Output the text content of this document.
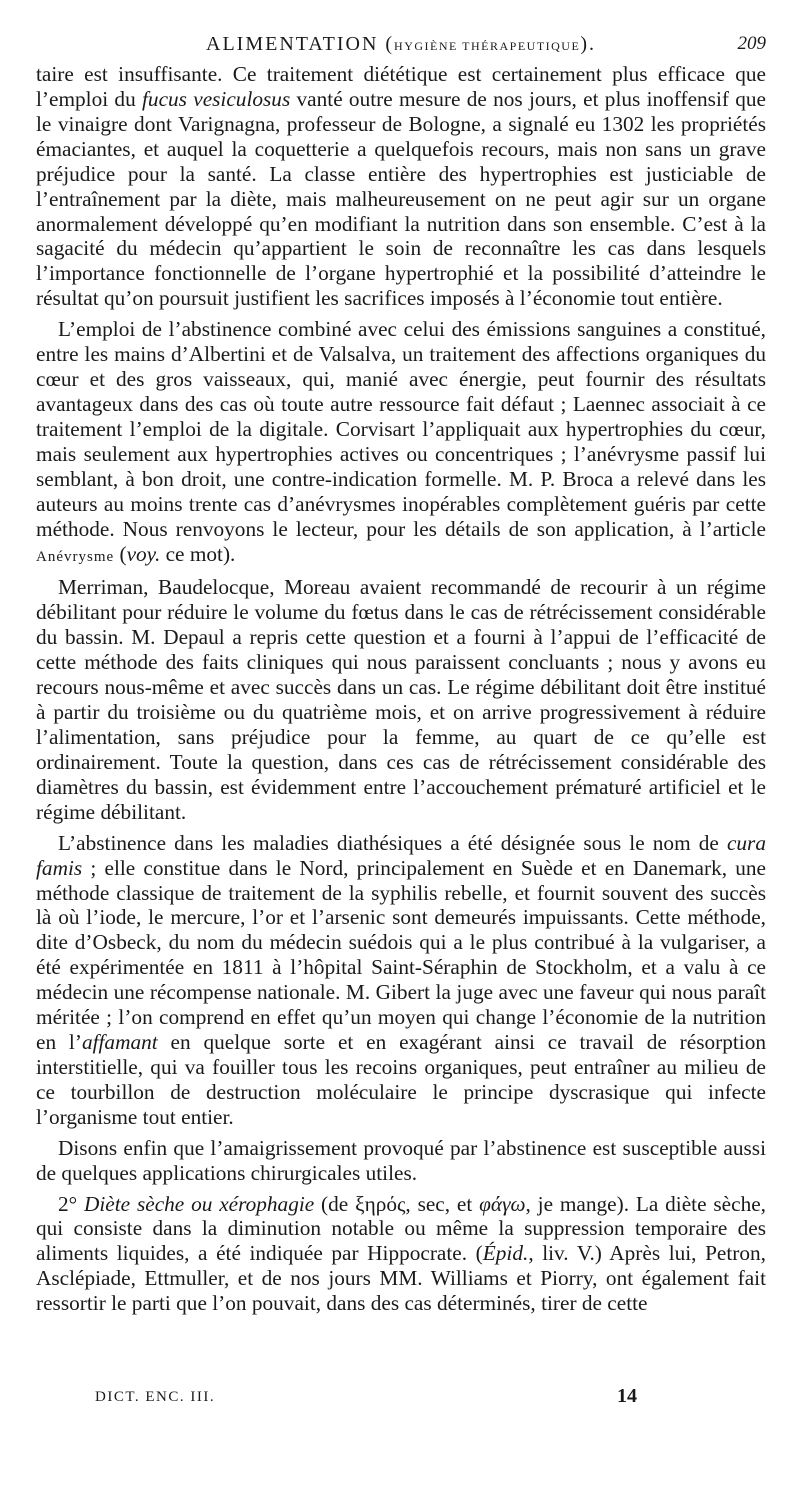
ALIMENTATION (HYGIÈNE THÉRAPEUTIQUE).	209

taire est insuffisante. Ce traitement diététique est certainement plus efficace que l’emploi du fucus vesiculosus vanté outre mesure de nos jours, et plus inoffensif que le vinaigre dont Varignagna, professeur de Bologne, a signalé eu 1302 les propriétés émaciantes, et auquel la coquetterie a quelquefois recours, mais non sans un grave préjudice pour la santé. La classe entière des hypertrophies est justiciable de l’entraînement par la diète, mais malheureusement on ne peut agir sur un organe anormalement développé qu’en modifiant la nutrition dans son ensemble. C’est à la sagacité du médecin qu’appartient le soin de reconnaître les cas dans lesquels l’importance fonctionnelle de l’organe hypertrophié et la possibilité d’atteindre le résultat qu’on poursuit justifient les sacrifices imposés à l’économie tout entière.

L’emploi de l’abstinence combiné avec celui des émissions sanguines a constitué, entre les mains d’Albertini et de Valsalva, un traitement des affections organiques du cœur et des gros vaisseaux, qui, manié avec énergie, peut fournir des résultats avantageux dans des cas où toute autre ressource fait défaut ; Laennec associait à ce traitement l’emploi de la digitale. Corvisart l’appliquait aux hypertrophies du cœur, mais seulement aux hypertrophies actives ou concentriques ; l’anévrysme passif lui semblant, à bon droit, une contre-indication formelle. M. P. Broca a relevé dans les auteurs au moins trente cas d’anévrysmes inopérables complètement guéris par cette méthode. Nous renvoyons le lecteur, pour les détails de son application, à l’article Anévrysme (voy. ce mot).

Merriman, Baudelocque, Moreau avaient recommandé de recourir à un régime débilitant pour réduire le volume du fœtus dans le cas de rétrécissement considérable du bassin. M. Depaul a repris cette question et a fourni à l’appui de l’efficacité de cette méthode des faits cliniques qui nous paraissent concluants ; nous y avons eu recours nous-même et avec succès dans un cas. Le régime débilitant doit être institué à partir du troisième ou du quatrième mois, et on arrive progressivement à réduire l’alimentation, sans préjudice pour la femme, au quart de ce qu’elle est ordinairement. Toute la question, dans ces cas de rétrécissement considérable des diamètres du bassin, est évidemment entre l’accouchement prématuré artificiel et le régime débilitant.

L’abstinence dans les maladies diathésiques a été désignée sous le nom de cura famis ; elle constitue dans le Nord, principalement en Suède et en Danemark, une méthode classique de traitement de la syphilis rebelle, et fournit souvent des succès là où l’iode, le mercure, l’or et l’arsenic sont demeurés impuissants. Cette méthode, dite d’Osbeck, du nom du médecin suédois qui a le plus contribué à la vulgariser, a été expérimentée en 1811 à l’hôpital Saint-Séraphin de Stockholm, et a valu à ce médecin une récompense nationale. M. Gibert la juge avec une faveur qui nous paraît méritée ; l’on comprend en effet qu’un moyen qui change l’économie de la nutrition en l’affamant en quelque sorte et en exagérant ainsi ce travail de résorption interstitielle, qui va fouiller tous les recoins organiques, peut entraîner au milieu de ce tourbillon de destruction moléculaire le principe dyscrasique qui infecte l’organisme tout entier.

Disons enfin que l’amaigrissement provoqué par l’abstinence est susceptible aussi de quelques applications chirurgicales utiles.

2° Diète sèche ou xérophagie (de ξηρός, sec, et φάγω, je mange). La diète sèche, qui consiste dans la diminution notable ou même la suppression temporaire des aliments liquides, a été indiquée par Hippocrate. (Épid., liv. V.) Après lui, Petron, Asclépiade, Ettmuller, et de nos jours MM. Williams et Piorry, ont également fait ressortir le parti que l’on pouvait, dans des cas déterminés, tirer de cette

DICT. ENC. III.	14
